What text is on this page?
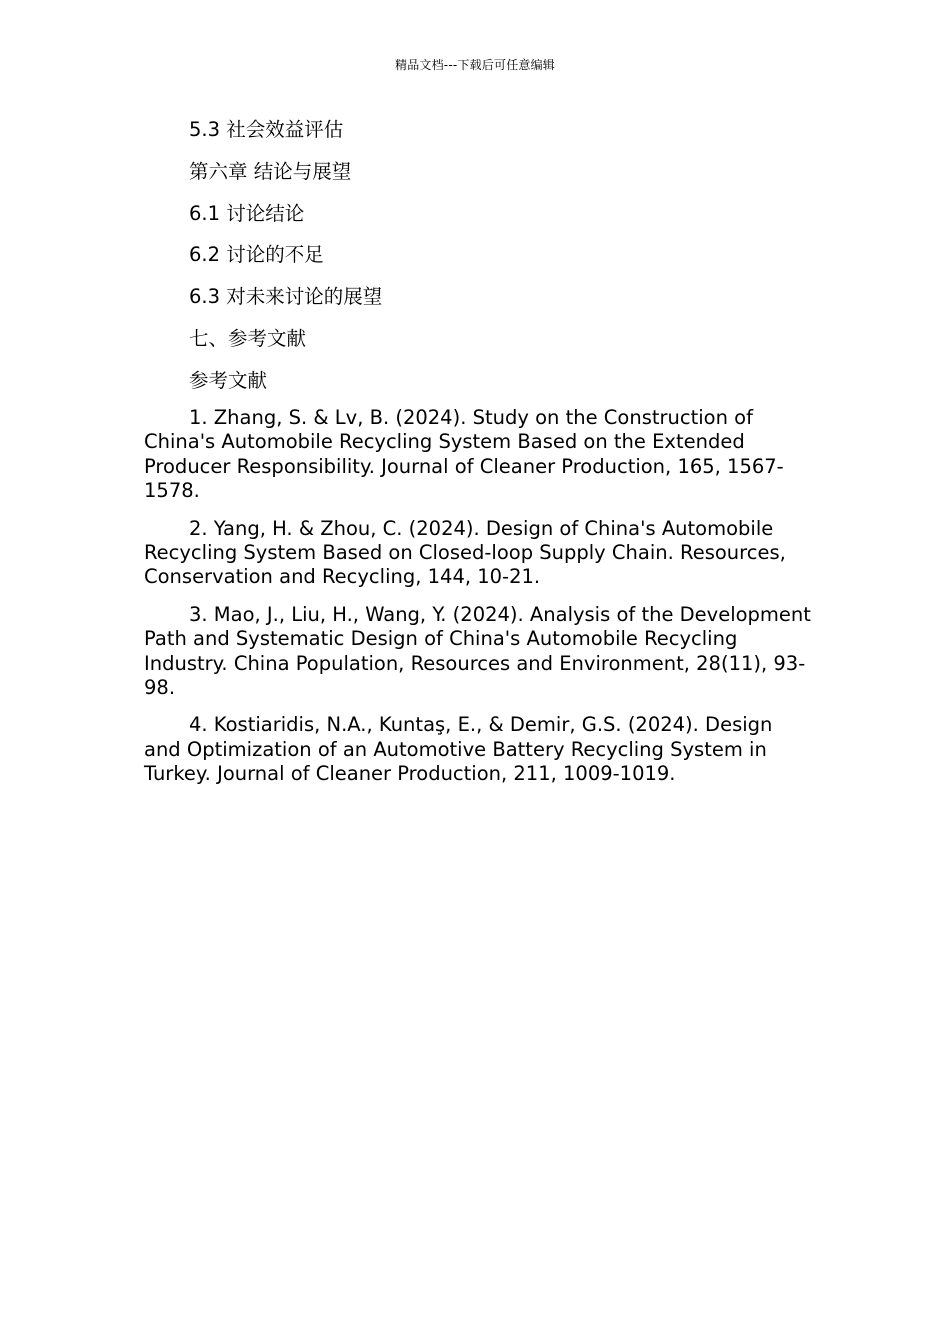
精品文档---下载后可任意编辑
5.3 社会效益评估
第六章 结论与展望
6.1 讨论结论
6.2 讨论的不足
6.3 对未来讨论的展望
七、参考文献
参考文献

1. Zhang, S. & Lv, B. (2024). Study on the Construction of China's Automobile Recycling System Based on the Extended Producer Responsibility. Journal of Cleaner Production, 165, 1567-1578.

2. Yang, H. & Zhou, C. (2024). Design of China's Automobile Recycling System Based on Closed-loop Supply Chain. Resources, Conservation and Recycling, 144, 10-21.

3. Mao, J., Liu, H., Wang, Y. (2024). Analysis of the Development Path and Systematic Design of China's Automobile Recycling Industry. China Population, Resources and Environment, 28(11), 93-98.

4. Kostiaridis, N.A., Kuntaş, E., & Demir, G.S. (2024). Design and Optimization of an Automotive Battery Recycling System in Turkey. Journal of Cleaner Production, 211, 1009-1019.
